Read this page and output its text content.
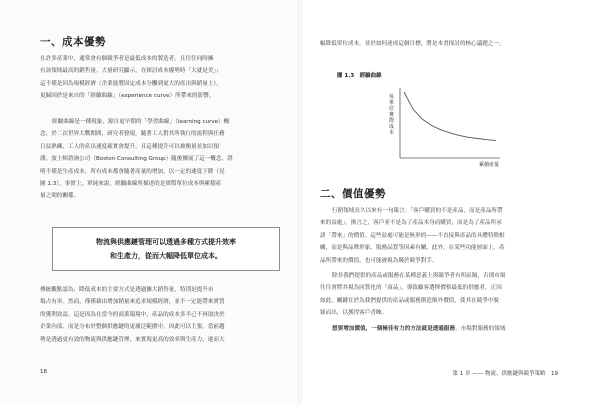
一、成本優勢
在許多產業中，通常會有個競爭者是最低成本的製造者，且往往同時擁
有該領域最高的銷售量。大量研究顯示，在探討成本優勢時「大就是美」；
這不僅是因為規模經濟（企業能將固定成本分攤到更大的產出與銷量上），
更歸因於是來自的「經驗曲線」（experience curve）所帶來的影響。
經驗曲線是一種現象，源自更早期的「學習曲線」（learning curve）概
念，於二次世界大戰期間，研究者發現，隨著工人對其所執行的流程與任務
日益熟練，工人的產出速度確實會提升，且這種提升可以被衡量並加以預
測。波士頓諮詢公司（Boston Consulting Group）隨後擴展了這一概念，證
明不僅是生產成本，所有成本都會隨著產量的增加，以一定的速度下降（見
圖 1.3）。事實上，單純來說，經驗曲線所描述的是實際單位成本與累積產
量之間的關係。
物流與供應鏈管理可以透過多種方式提升效率
和生產力，從而大幅降低單位成本。
傳統觀點認為，降低成本的主要方式是透過擴大銷售量，特別是提升市
場占有率。然而，僅僅藉由增加銷量來追求規模經濟，並不一定能帶來實質
的獲利效益。這是因為在當今的商業環境中，產品的成本多半已不再取決於
企業內部，而是分布於整個供應鏈的更廣泛範圍中。因此可以主張，當前趨
勢是透過更有效的物流與供應鏈管理，來實現更高的效率與生產力，進而大
18
幅降低單位成本。並於如何達成這個目標，將是本書探討的核心議題之一。
圖 1.3　經驗曲線
每單位實際成本
累積產量
二、價值優勢
行銷領域長久以來有一句箴言：「客戶購買的不是產品，而是產品所帶
來的益處」，換言之，客戶並不是為了產品本身而購買，而是為了產品所承
諾「帶來」的價值。這些益處可能是無形的——不直接與產品的具體特徵相
關，而是與品牌形象、服務品質等因素有關。此外，在某些功能層面上，產
品所帶來的價值，也可能被視為優於競爭對手。
除非我們提供的產品或服務在某種意義上與競爭者有所區隔，否則市場
往往會將其視為同質化的「商品」，導致顧客選擇價格最低的供應者。正因
如此，關鍵在於為我們提供的產品或服務創造額外價值，使其在競爭中脫
穎而出，以獲得客戶青睞。
想要增加價值，一個極佳有力的方法就是透過服務。市場對服務的領域
第 1 章 —— 物流、供應鏈與競爭策略　19
